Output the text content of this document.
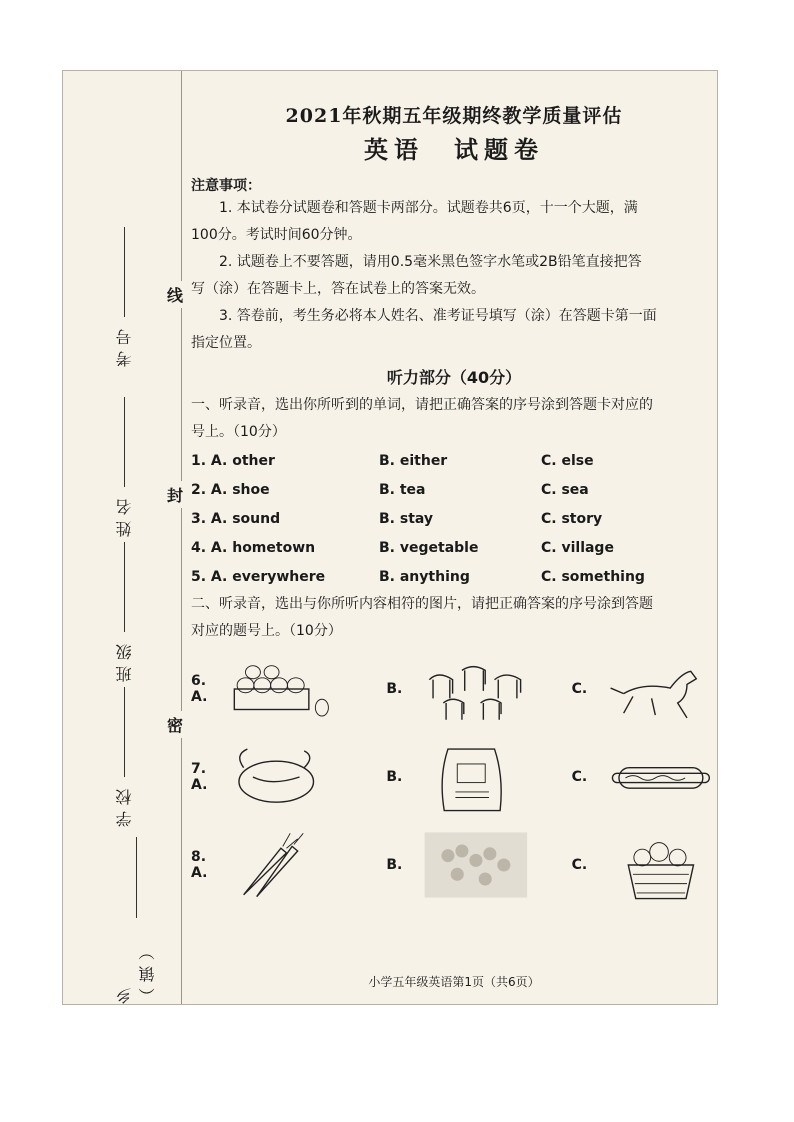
考号
姓名
班级
学校
乡（镇）
线
封
密
2021年秋期五年级期终教学质量评估
英语　试题卷
注意事项：
1. 本试卷分试题卷和答题卡两部分。试题卷共6页，十一个大题，满
100分。考试时间60分钟。
2. 试题卷上不要答题，请用0.5毫米黑色签字水笔或2B铅笔直接把答
写（涂）在答题卡上，答在试卷上的答案无效。
3. 答卷前，考生务必将本人姓名、准考证号填写（涂）在答题卡第一面
指定位置。
听力部分（40分）
一、听录音，选出你所听到的单词，请把正确答案的序号涂到答题卡对应的
号上。（10分）
1. A. other	B. either	C. else
2. A. shoe	B. tea	C. sea
3. A. sound	B. stay	C. story
4. A. hometown	B. vegetable	C. village
5. A. everywhere	B. anything	C. something
二、听录音，选出与你所听内容相符的图片，请把正确答案的序号涂到答题
对应的题号上。（10分）
6. A.	B.	C.
7. A.	B.	C.
8. A.	B.	C.
小学五年级英语第1页（共6页）
